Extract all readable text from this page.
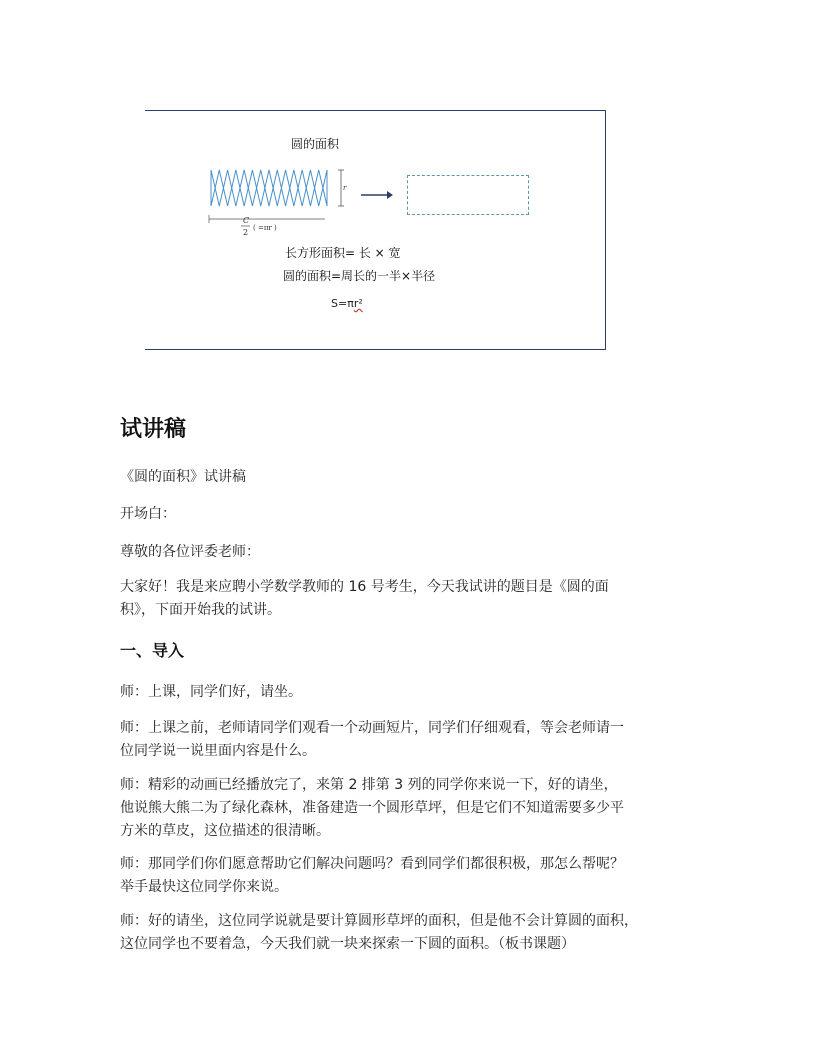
圆的面积
r
C
2 ( =πr )
长方形面积= 长 × 宽
圆的面积=周长的一半×半径
S=πr²
试讲稿

《圆的面积》试讲稿

开场白：

尊敬的各位评委老师：

大家好！我是来应聘小学数学教师的 16 号考生，今天我试讲的题目是《圆的面
积》，下面开始我的试讲。
一、导入

师：上课，同学们好，请坐。

师：上课之前，老师请同学们观看一个动画短片，同学们仔细观看，等会老师请一
位同学说一说里面内容是什么。
师：精彩的动画已经播放完了，来第 2 排第 3 列的同学你来说一下，好的请坐，
他说熊大熊二为了绿化森林，准备建造一个圆形草坪，但是它们不知道需要多少平
方米的草皮，这位描述的很清晰。
师：那同学们你们愿意帮助它们解决问题吗？看到同学们都很积极，那怎么帮呢？
举手最快这位同学你来说。
师：好的请坐，这位同学说就是要计算圆形草坪的面积，但是他不会计算圆的面积，
这位同学也不要着急，今天我们就一块来探索一下圆的面积。（板书课题）
